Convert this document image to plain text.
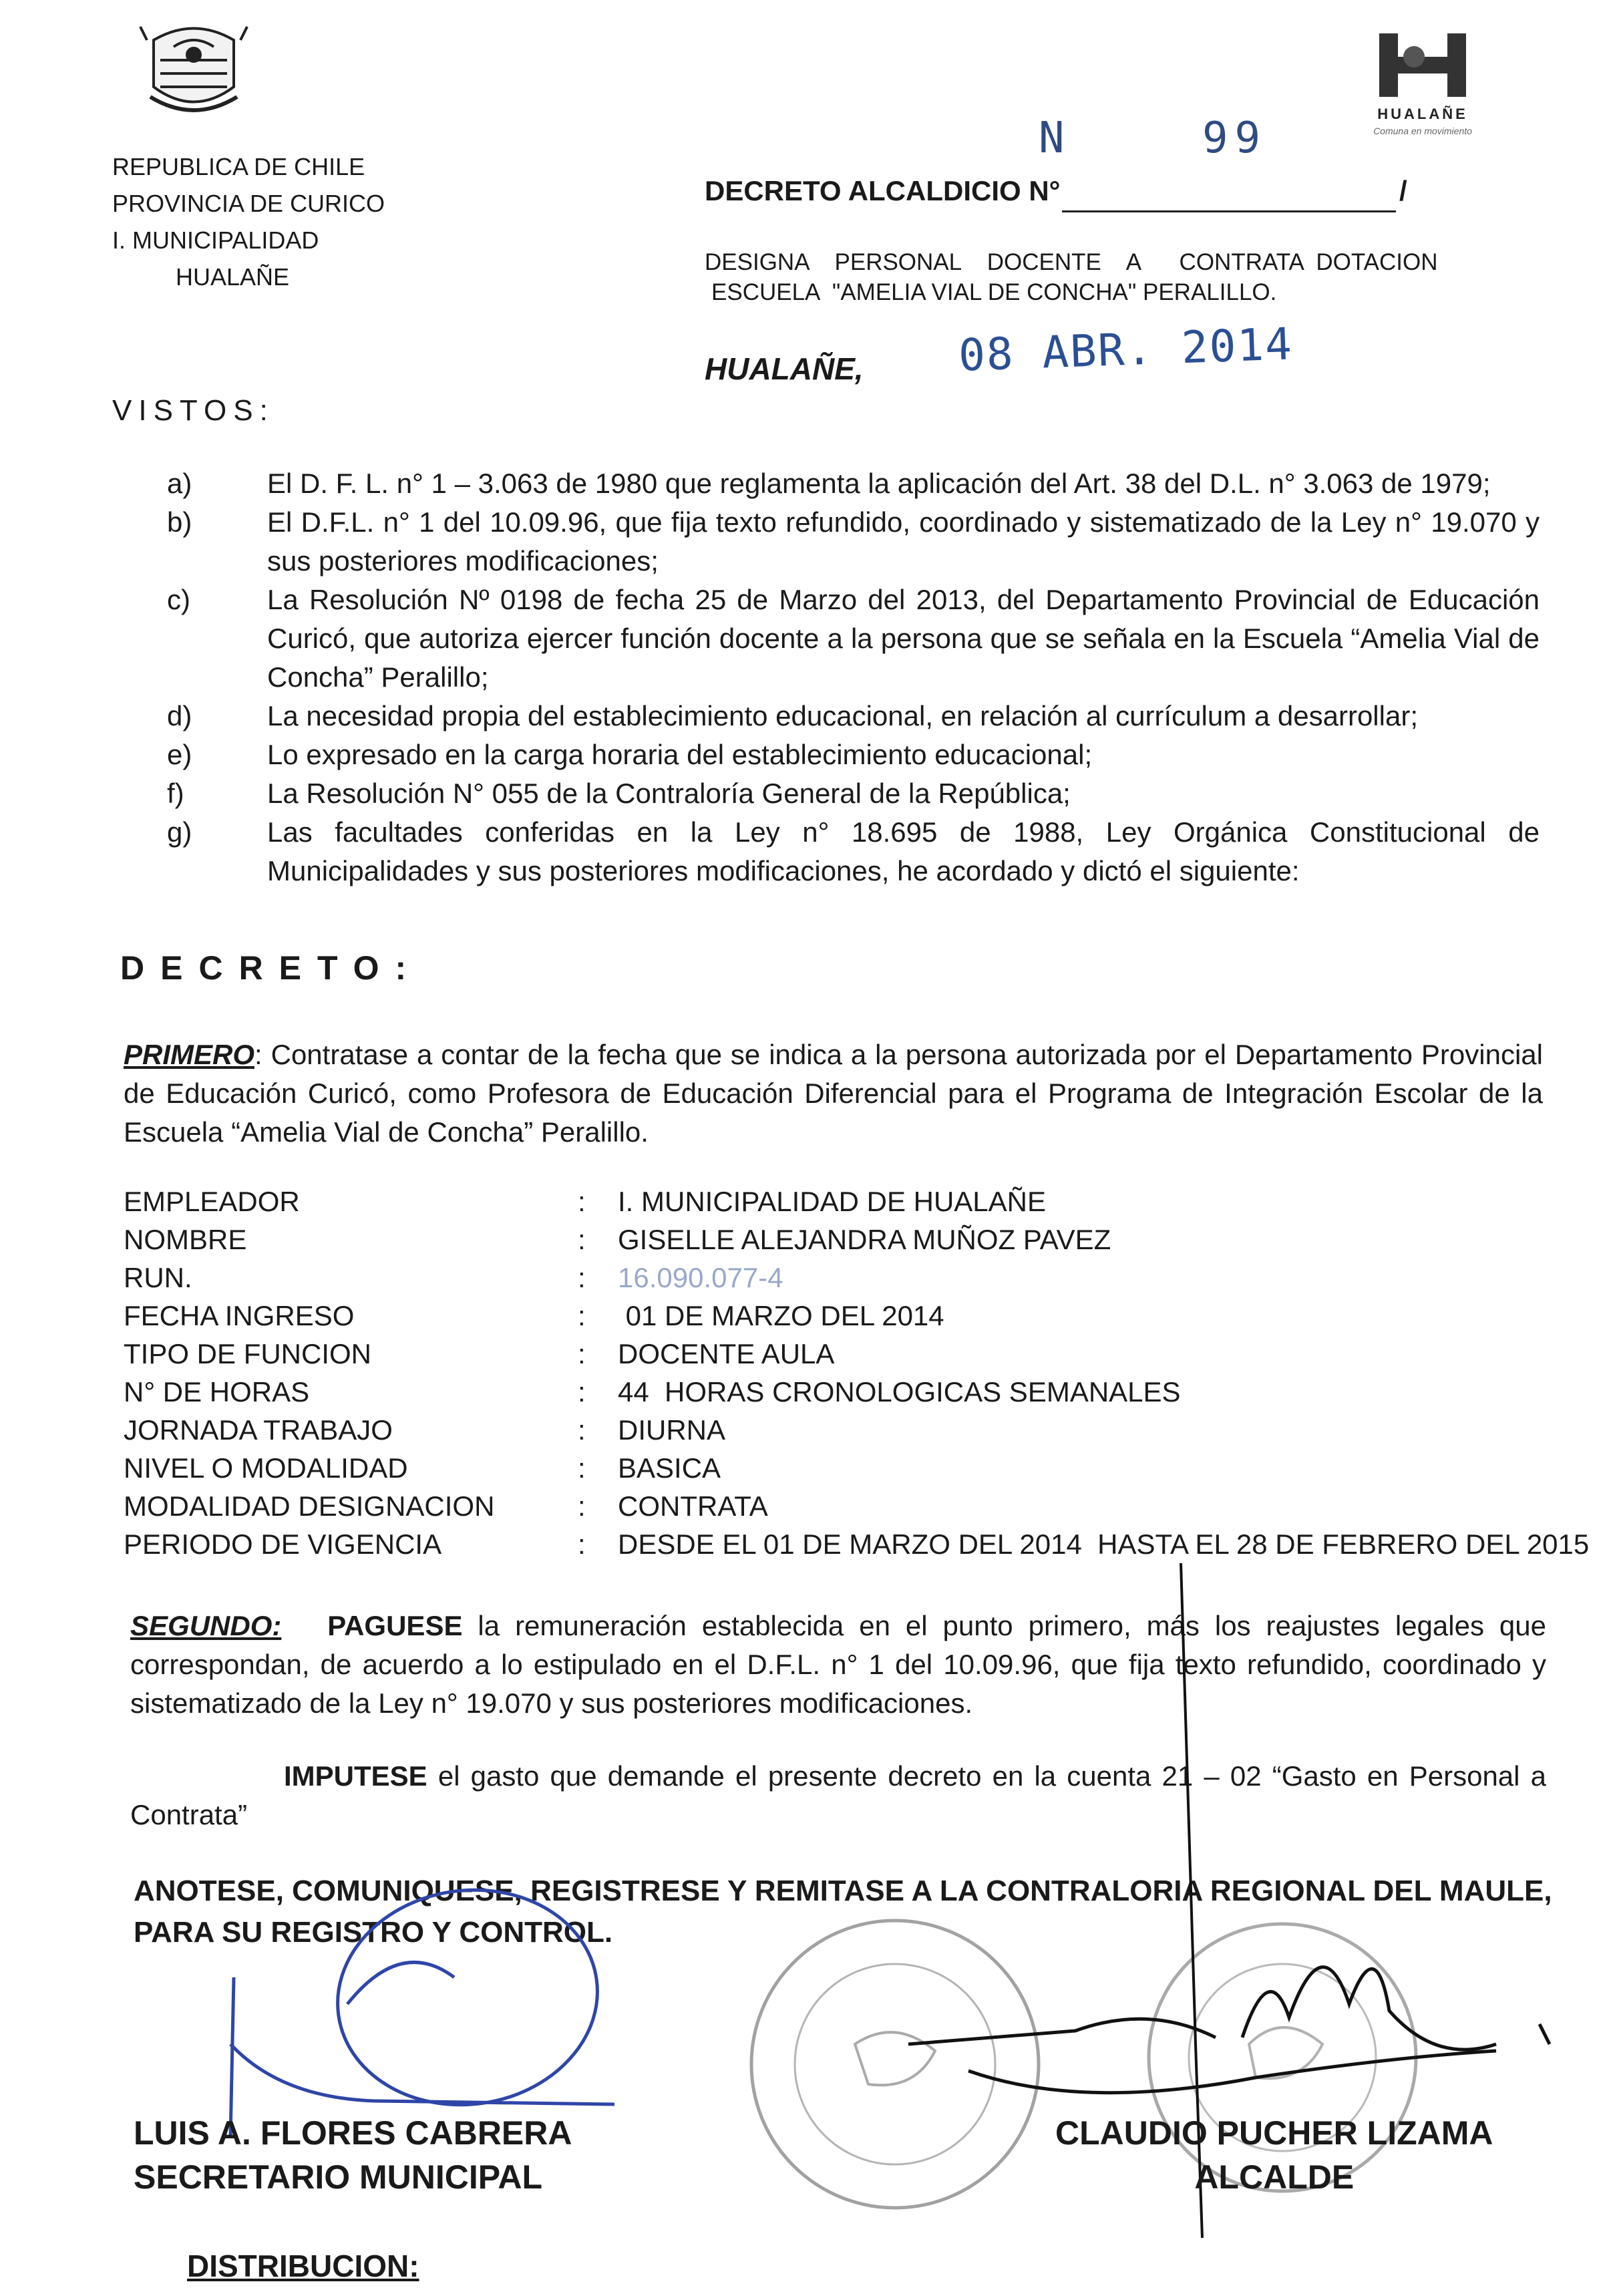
HUALAÑE
Comuna en movimiento
REPUBLICA DE CHILE
PROVINCIA DE CURICO
I. MUNICIPALIDAD
HUALAÑE
N	99
DECRETO ALCALDICIO N°	/
DESIGNA    PERSONAL    DOCENTE    A      CONTRATA  DOTACION
ESCUELA  "AMELIA VIAL DE CONCHA" PERALILLO.
HUALAÑE, 08 ABR. 2014
VISTOS:
a)	El D. F. L. n° 1 – 3.063 de 1980 que reglamenta la aplicación del Art. 38 del D.L. n° 3.063 de 1979;
b)	El D.F.L. n° 1 del 10.09.96, que fija texto refundido, coordinado y sistematizado de la Ley n° 19.070 y sus posteriores modificaciones;
c)	La Resolución Nº 0198 de fecha 25 de Marzo del 2013, del Departamento Provincial de Educación Curicó, que autoriza ejercer función docente a la persona que se señala en la Escuela “Amelia Vial de Concha” Peralillo;
d)	La necesidad propia del establecimiento educacional, en relación al currículum a desarrollar;
e)	Lo expresado en la carga horaria del establecimiento educacional;
f)	La Resolución N° 055 de la Contraloría General de la República;
g)	Las facultades conferidas en la Ley n° 18.695 de 1988, Ley Orgánica Constitucional de Municipalidades y sus posteriores modificaciones, he acordado y dictó el siguiente:
DECRETO:
PRIMERO: Contratase a contar de la fecha que se indica a la persona autorizada por el Departamento Provincial de Educación Curicó, como Profesora de Educación Diferencial para el Programa de Integración Escolar de la Escuela “Amelia Vial de Concha” Peralillo.
EMPLEADOR	:	I. MUNICIPALIDAD DE HUALAÑE
NOMBRE	:	GISELLE ALEJANDRA MUÑOZ PAVEZ
RUN.	:	16.090.077-4
FECHA INGRESO	:	01 DE MARZO DEL 2014
TIPO DE FUNCION	:	DOCENTE AULA
N° DE HORAS	:	44  HORAS CRONOLOGICAS SEMANALES
JORNADA TRABAJO	:	DIURNA
NIVEL O MODALIDAD	:	BASICA
MODALIDAD DESIGNACION	:	CONTRATA
PERIODO DE VIGENCIA	:	DESDE EL 01 DE MARZO DEL 2014  HASTA EL 28 DE FEBRERO DEL 2015
SEGUNDO: PAGUESE la remuneración establecida en el punto primero, más los reajustes legales que correspondan, de acuerdo a lo estipulado en el D.F.L. n° 1 del 10.09.96, que fija texto refundido, coordinado y sistematizado de la Ley n° 19.070 y sus posteriores modificaciones.
IMPUTESE el gasto que demande el presente decreto en la cuenta 21 – 02 “Gasto en Personal a Contrata”
ANOTESE, COMUNIQUESE, REGISTRESE Y REMITASE A LA CONTRALORIA REGIONAL DEL MAULE, PARA SU REGISTRO Y CONTROL.
LUIS A. FLORES CABRERA
SECRETARIO MUNICIPAL
CLAUDIO PUCHER LIZAMA
ALCALDE
DISTRIBUCION:
